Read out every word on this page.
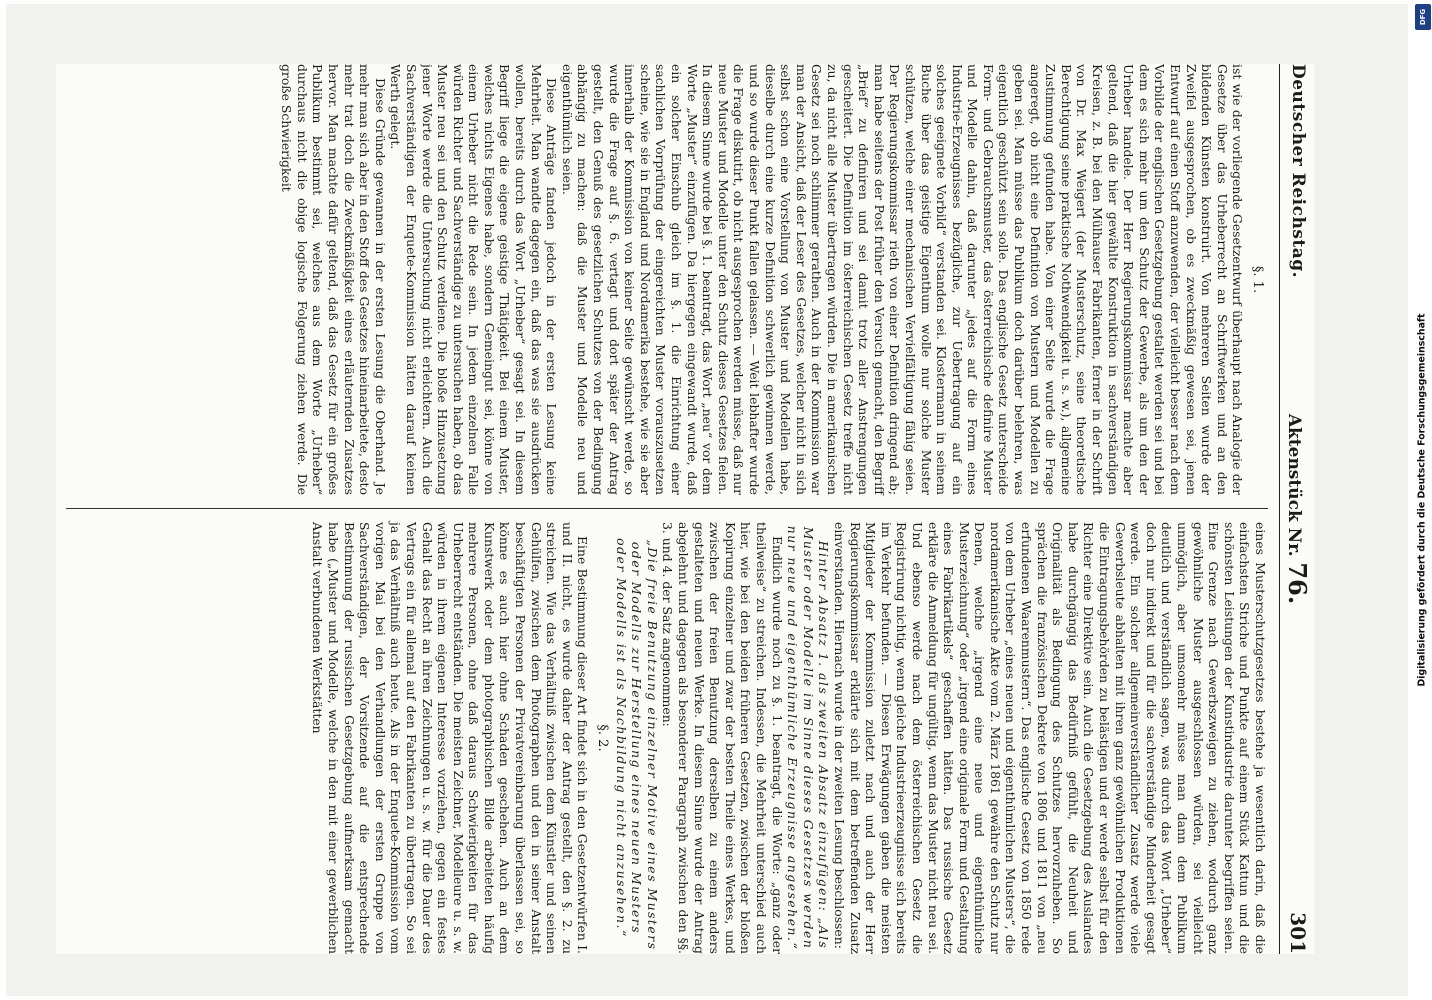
Deutscher Reichstag.
Aktenstück Nr. 76.
301
§. 1.

ist wie der vorliegende Gesetzentwurf überhaupt nach Analogie der Gesetze über das Urheberrecht an Schriftwerken und an den bildenden Künsten konstruirt. Von mehreren Seiten wurde der Zweifel ausgesprochen, ob es zweckmäßig gewesen sei, jenen Entwurf auf einen Stoff anzuwenden, der vielleicht besser nach dem Vorbilde der englischen Gesetzgebung gestaltet werden sei und bei dem es sich mehr um den Schutz der Gewerbe, als um den der Urheber handele. Der Herr Regierungskommissar machte aber geltend, daß die hier gewählte Konstruktion in sachverständigen Kreisen, z. B. bei den Mülhauser Fabrikanten, ferner in der Schrift von Dr. Max Weigert (der Musterschutz, seine theoretische Berechtigung seine praktische Nothwendigkeit u. s. w.), allgemeine Zustimmung gefunden habe. Von einer Seite wurde die Frage angeregt, ob nicht eine Definition von Mustern und Modellen zu geben sei. Man müsse das Publikum doch darüber belehren, was eigentlich geschützt sein solle. Das englische Gesetz unterscheide Form- und Gebrauchsmuster, das österreichische definire Muster und Modelle dahin, daß darunter „jedes auf die Form eines Industrie-Erzeugnisses bezügliche, zur Uebertragung auf ein solches geeignete Vorbild“ verstanden sei. Klostermann in seinem Buche über das geistige Eigenthum wolle nur solche Muster schützen, welche einer mechanischen Vervielfältigung fähig seien. Der Regierungskommissar rieth von einer Definition dringend ab; man habe seitens der Post früher den Versuch gemacht, den Begriff „Brief“ zu definiren und sei damit trotz aller Anstrengungen gescheitert. Die Definition im österreichischen Gesetz treffe nicht zu, da nicht alle Muster übertragen würden. Die in amerikanischen Gesetz sei noch schlimmer gerathen. Auch in der Kommission war man der Ansicht, daß der Leser des Gesetzes, welcher nicht in sich selbst schon eine Vorstellung von Muster und Modellen habe, dieselbe durch eine kurze Definition schwerlich gewinnen werde, und so wurde dieser Punkt fallen gelassen. — Weit lebhafter wurde die Frage diskutirt, ob nicht ausgesprochen werden müsse, daß nur neue Muster und Modelle unter den Schutz dieses Gesetzes fielen. In diesem Sinne wurde bei §. 1. beantragt, das Wort „neu“ vor dem Worte „Muster“ einzufügen. Da hiergegen eingewandt wurde, daß ein solcher Einschub gleich im §. 1. die Einrichtung einer sachlichen Vorprüfung der eingereichten Muster vorauszusetzen scheine, wie sie in England und Nordamerika bestehe, wie sie aber innerhalb der Kommission von keiner Seite gewünscht werde, so wurde die Frage auf §. 6. vertagt und dort später der Antrag gestellt, den Genuß des gesetzlichen Schutzes von der Bedingung abhängig zu machen: daß die Muster und Modelle neu und eigenthümlich seien.

Diese Anträge fanden jedoch in der ersten Lesung keine Mehrheit. Man wandte dagegen ein, daß das was sie ausdrücken wollen, bereits durch das Wort „Urheber“ gesagt sei. In diesem Begriff liege die eigene geistige Thätigkeit. Bei einem Muster, welches nichts Eigenes habe, sondern Gemeingut sei, könne von einem Urheber nicht die Rede sein. In jedem einzelnen Falle würden Richter und Sachverständige zu untersuchen haben, ob das Muster neu sei und den Schutz verdiene. Die bloße Hinzusetzung jener Worte werde die Untersuchung nicht erleichtern. Auch die Sachverständigen der Enquete-Kommission hätten darauf keinen Werth gelegt.

Diese Gründe gewannen in der ersten Lesung die Oberhand. Je mehr man sich aber in den Stoff des Gesetzes hineinarbeitete, desto mehr trat doch die Zweckmäßigkeit eines erläuternden Zusatzes hervor. Man machte dafür geltend, daß das Gesetz für ein großes Publikum bestimmt sei, welches aus dem Worte „Urheber“ durchaus nicht die obige logische Folgerung ziehen werde. Die große Schwierigkeit

eines Musterschutzgesetzes bestehe ja wesentlich darin, daß die einfachsten Striche und Punkte auf einem Stück Kattun und die schönsten Leistungen der Kunstindustrie darunter begriffen seien. Eine Grenze nach Gewerbszweigen zu ziehen, wodurch ganz gewöhnliche Muster ausgeschlossen würden, sei vielleicht unmöglich, aber umsomehr müsse man dann dem Publikum deutlich und verständlich sagen, was durch das Wort „Urheber“ doch nur indirekt und für die sachverständige Minderheit gesagt werde. Ein solcher allgemeinverständlicher Zusatz werde viele Gewerbsleute abhalten mit ihren ganz gewöhnlichen Produktionen die Eintragungsbehörden zu belästigen und er werde selbst für den Richter eine Direktive sein. Auch die Gesetzgebung des Auslandes habe durchgängig das Bedürfniß gefühlt, die Neuheit und Originalität als Bedingung des Schutzes hervorzuheben. So sprächen die französischen Dekrete von 1806 und 1811 von „neu erfundenen Waarenmustern“. Das englische Gesetz von 1850 rede von dem Urheber „eines neuen und eigenthümlichen Musters“, die nordamerikanische Akte vom 2. März 1861 gewähre den Schutz nur Denen, welche „irgend eine neue und eigenthümliche Musterzeichnung“ oder „irgend eine originale Form und Gestaltung eines Fabrikartikels“ geschaffen hätten. Das russische Gesetz erkläre die Anmeldung für ungültig, wenn das Muster nicht neu sei. Und ebenso werde nach dem österreichischen Gesetz die Registrirung nichtig, wenn gleiche Industrieerzeugnisse sich bereits im Verkehr befunden. — Diesen Erwägungen gaben die meisten Mitglieder der Kommission zuletzt nach und auch der Herr Regierungskommissar erklärte sich mit dem betreffenden Zusatz einverstanden. Hiernach wurde in der zweiten Lesung beschlossen:

Hinter Absatz 1. als zweiten Absatz einzufügen: „Als Muster oder Modelle im Sinne dieses Gesetzes werden nur neue und eigenthümliche Erzeugnisse angesehen.“

Endlich wurde noch zu §. 1. beantragt, die Worte: „ganz oder theilweise“ zu streichen. Indessen, die Mehrheit unterschied auch hier, wie bei den beiden früheren Gesetzen, zwischen der bloßen Kopirung einzelner und zwar der besten Theile eines Werkes, und zwischen der freien Benutzung derselben zu einem anders gestalteten und neuen Werke. In diesem Sinne wurde der Antrag abgelehnt und dagegen als besonderer Paragraph zwischen den §§. 3. und 4. der Satz angenommen:

„Die freie Benutzung einzelner Motive eines Musters oder Modells zur Herstellung eines neuen Musters oder Modells ist als Nachbildung nicht anzusehen.“

§. 2.

Eine Bestimmung dieser Art findet sich in den Gesetzentwürfen I. und II. nicht, es wurde daher der Antrag gestellt, den §. 2. zu streichen. Wie das Verhältniß zwischen dem Künstler und seinen Gehülfen, zwischen dem Photographen und den in seiner Anstalt beschäftigten Personen der Privatvereinbarung überlassen sei, so könne es auch hier ohne Schaden geschehen. Auch an dem Kunstwerk oder dem photographischen Bilde arbeiteten häufig mehrere Personen, ohne daß daraus Schwierigkeiten für das Urheberrecht entständen. Die meisten Zeichner, Modelleure u. s. w. würden in ihrem eigenen Interesse vorziehen, gegen ein festes Gehalt das Recht an ihren Zeichnungen u. s. w. für die Dauer des Vertrags ein für allemal auf den Fabrikanten zu übertragen. So sei ja das Verhältniß auch heute. Als in der Enquete-Kommission vom vorigen Mai bei den Verhandlungen der ersten Gruppe von Sachverständigen, der Vorsitzende auf die entsprechende Bestimmung der russischen Gesetzgebung aufmerksam gemacht habe („Muster und Modelle, welche in den mit einer gewerblichen Anstalt verbundenen Werkstätten

DFG
Digitalisierung gefördert durch die Deutsche Forschungsgemeinschaft
